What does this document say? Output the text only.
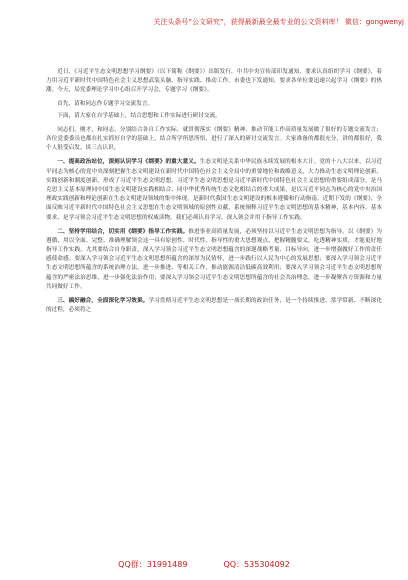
关注头条号“公文研究”，获得最新最全最专业的公文资料库！ 微信：gongwenyj

近日，《习近平生态文明思想学习纲要》（以下简称《纲要》）出版发行，中共中央宣传部印发通知，要求认真组织学习《纲要》，着力用习近平新时代中国特色社会主义思想武装头脑、指导实践、推动工作。市委也下发通知，要求各单位要迅速兴起学习《纲要》的热潮。今天，局党委理论学习中心组召开学习会，专题学习《纲要》。

首先，请和同志作专题学习交流发言。

下面，请大家在自学基础上，结合思想和工作实际进行研讨交流。

同志们，刚才，和同志，分别结合各自工作实际，就贯彻落实《纲要》精神、推动节能工作高质量发展做了很好的专题交流发言；各位党委委员也都在扎实抓好自学的基础上，结合所学所思所悟，进行了深入的研讨交流发言。大家准备的都很充分，讲的都很好，我个人很受启发。谈三点认识。

一、提高政治站位，深刻认识学习《纲要》的重大意义。生态文明是关系中华民族永续发展的根本大计。党的十八大以来，以习近平同志为核心的党中央深刻把握生态文明建设在新时代中国特色社会主义全局中的重要地位和战略意义，大力推动生态文明理论创新、实践创新和制度创新，形成了习近平生态文明思想。习近平生态文明思想是习近平新时代中国特色社会主义思想的重要组成部分，是马克思主义基本原理同中国生态文明建设实践相结合、同中华优秀传统生态文化相结合的重大成果，是以习近平同志为核心的党中央治国理政实践创新和理论创新在生态文明建设领域的集中体现，是新时代我国生态文明建设的根本遵循和行动指南。近期下发的《纲要》，全面反映习近平新时代中国特色社会主义思想在生态文明领域的原创性贡献，系统阐释习近平生态文明思想的基本精神、基本内容、基本要求，是学习领会习近平生态文明思想的权威读物。我们必须认真学习、深入领会并用于指导工作实践。

二、坚持学用结合，切实用《纲要》指导工作实践。推进事业高质量发展，必须坚持以习近平生态文明思想为指导，以《纲要》为遵循，用以全面、完整、准确理解领会这一具有原创性、时代性、指导性的重大思想观点，把握精髓要义，吃透精神实质，才能更好地指导工作实践。尤其要结合自身职责，深入学习领会习近平生态文明思想蕴含的深邃战略考量、目标导向，进一步增强做好工作的责任感使命感；要深入学习领会习近平生态文明思想所蕴含的深厚为民情怀，进一步践行以人民为中心的发展思想；要深入学习领会习近平生态文明思想所蕴含的系统治理方法，进一步推进、等相关工作，推动能源清洁低碳高效利用；要深入学习领会习近平生态文明思想所蕴含的严密法治思维，进一步强化法治作用；要深入学习领会习近平生态文明思想所蕴含的社会共治理念，进一步凝聚各方资源和力量共同做好工作。

三、搞好融合，全面深化学习效果。学习贯彻习近平生态文明思想是一项长期的政治任务，是一个持续推进、常学常新、不断深化的过程，必须将之

QQ群：31991489	QQ：535304092
